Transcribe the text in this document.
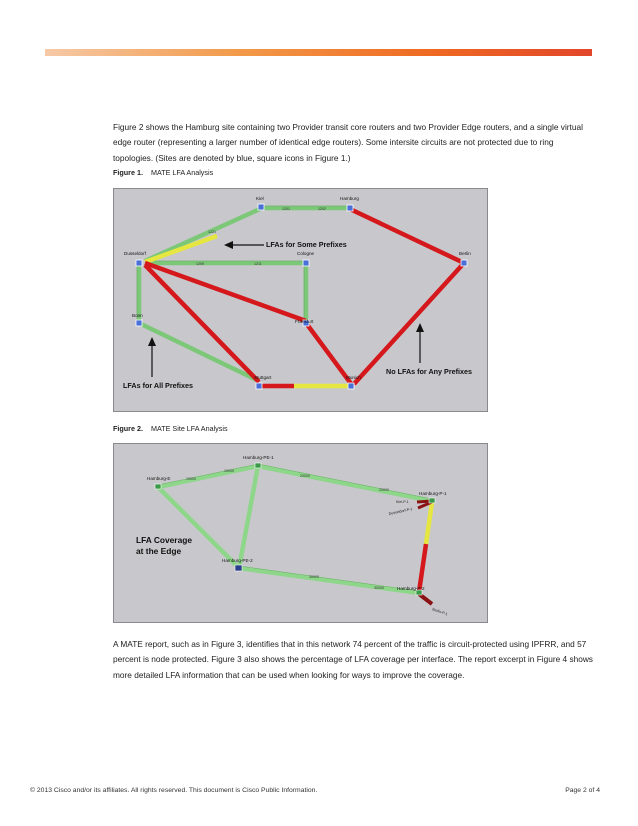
Figure 2 shows the Hamburg site containing two Provider transit core routers and two Provider Edge routers, and a single virtual edge router (representing a larger number of identical edge routers). Some intersite circuits are not protected due to ring topologies. (Sites are denoted by blue, square icons in Figure 1.)

Figure 1. MATE LFA Analysis
1201	1202
1209	1211
1221
Kiel	Hamburg
Berlin
Dusseldorf	Cologne
Bonn
Frankfurt
Stuttgart	Munich
LFAs for Some Prefixes
LFAs for All Prefixes
No LFAs for Any Prefixes
Figure 2. MATE Site LFA Analysis
10000
10000
20000
20000
30000
30000
Hamburg-E
Hamburg-PE-1
Hamburg-P-1
Hamburg-PE-2
Hamburg-P-2
Kiel-P-1
Dusseldorf-P-1
Berlin-P-1
LFA Coverage
at the Edge

A MATE report, such as in Figure 3, identifies that in this network 74 percent of the traffic is circuit-protected using IPFRR, and 57 percent is node protected. Figure 3 also shows the percentage of LFA coverage per interface. The report excerpt in Figure 4 shows more detailed LFA information that can be used when looking for ways to improve the coverage.

© 2013 Cisco and/or its affiliates. All rights reserved. This document is Cisco Public Information.	Page 2 of 4
